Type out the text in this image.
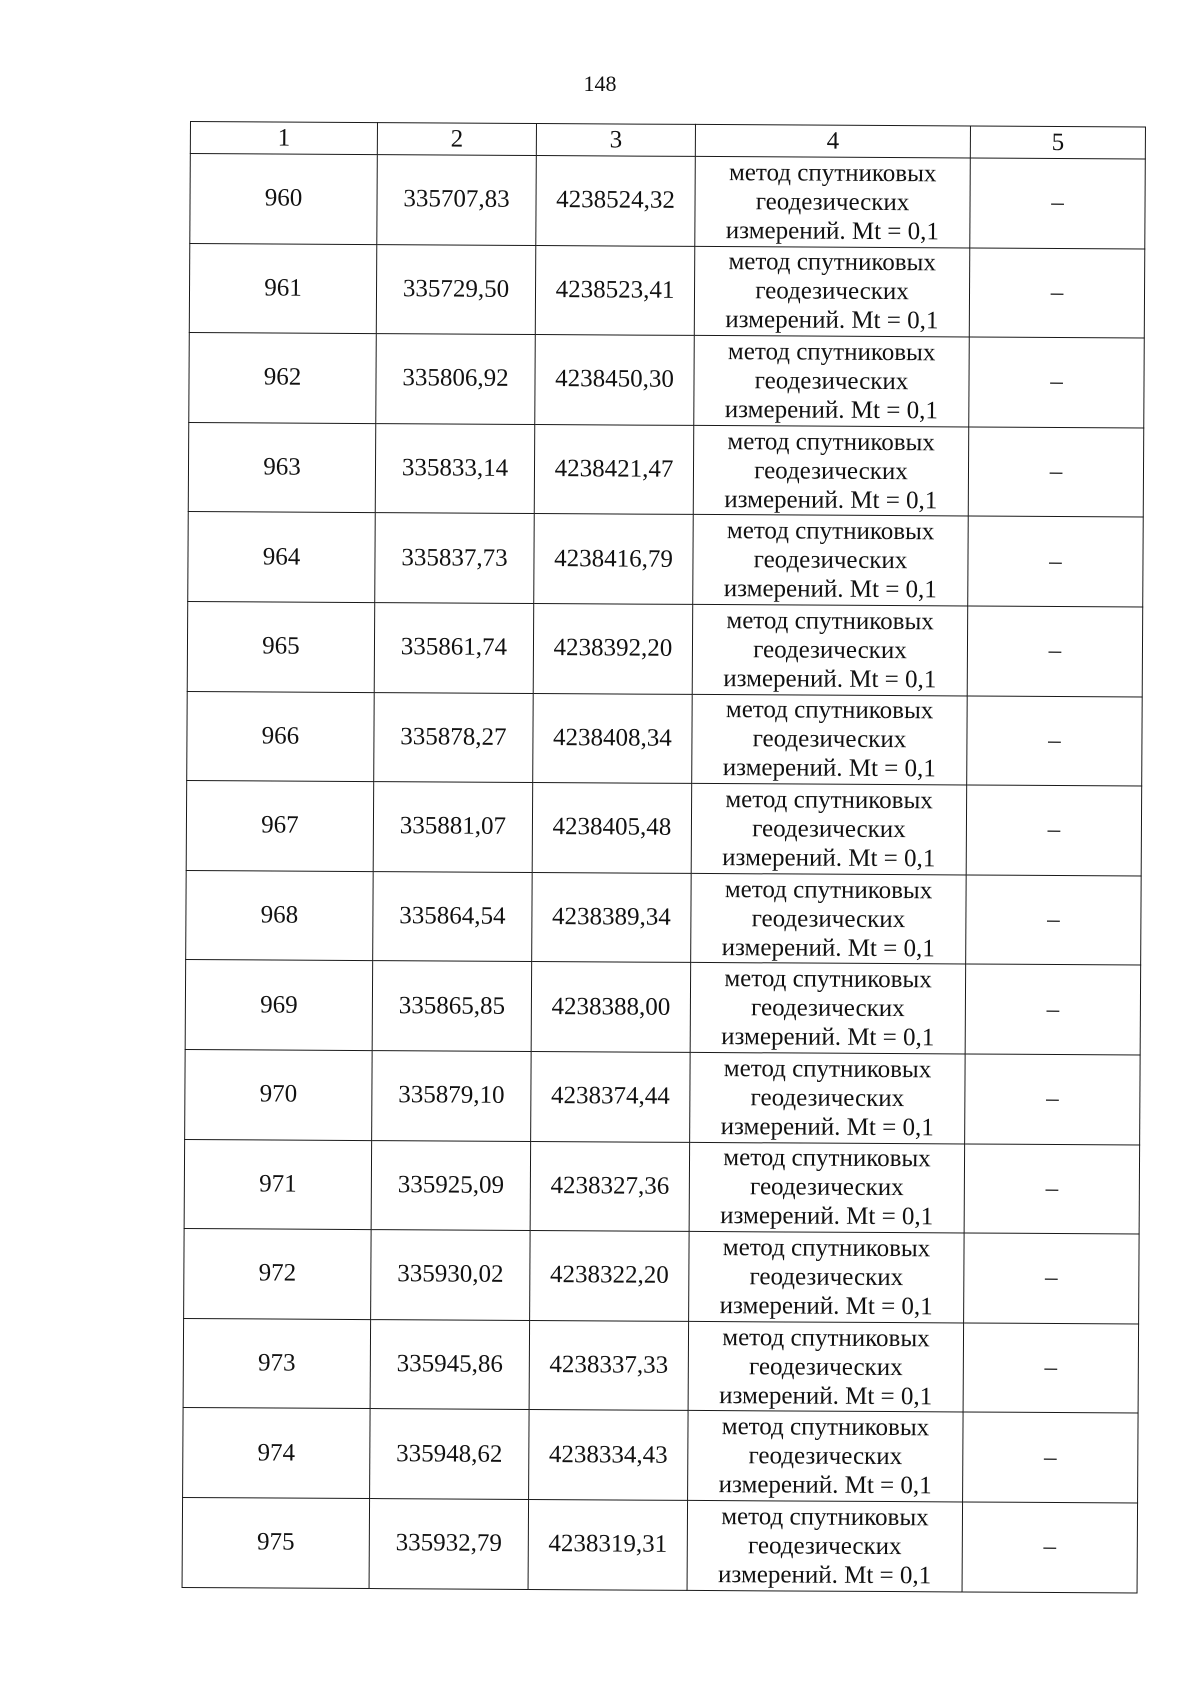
148
1	2	3	4	5
960	335707,83	4238524,32	метод спутниковых
геодезических
измерений. Mt = 0,1	–
961	335729,50	4238523,41	метод спутниковых
геодезических
измерений. Mt = 0,1	–
962	335806,92	4238450,30	метод спутниковых
геодезических
измерений. Mt = 0,1	–
963	335833,14	4238421,47	метод спутниковых
геодезических
измерений. Mt = 0,1	–
964	335837,73	4238416,79	метод спутниковых
геодезических
измерений. Mt = 0,1	–
965	335861,74	4238392,20	метод спутниковых
геодезических
измерений. Mt = 0,1	–
966	335878,27	4238408,34	метод спутниковых
геодезических
измерений. Mt = 0,1	–
967	335881,07	4238405,48	метод спутниковых
геодезических
измерений. Mt = 0,1	–
968	335864,54	4238389,34	метод спутниковых
геодезических
измерений. Mt = 0,1	–
969	335865,85	4238388,00	метод спутниковых
геодезических
измерений. Mt = 0,1	–
970	335879,10	4238374,44	метод спутниковых
геодезических
измерений. Mt = 0,1	–
971	335925,09	4238327,36	метод спутниковых
геодезических
измерений. Mt = 0,1	–
972	335930,02	4238322,20	метод спутниковых
геодезических
измерений. Mt = 0,1	–
973	335945,86	4238337,33	метод спутниковых
геодезических
измерений. Mt = 0,1	–
974	335948,62	4238334,43	метод спутниковых
геодезических
измерений. Mt = 0,1	–
975	335932,79	4238319,31	метод спутниковых
геодезических
измерений. Mt = 0,1	–
